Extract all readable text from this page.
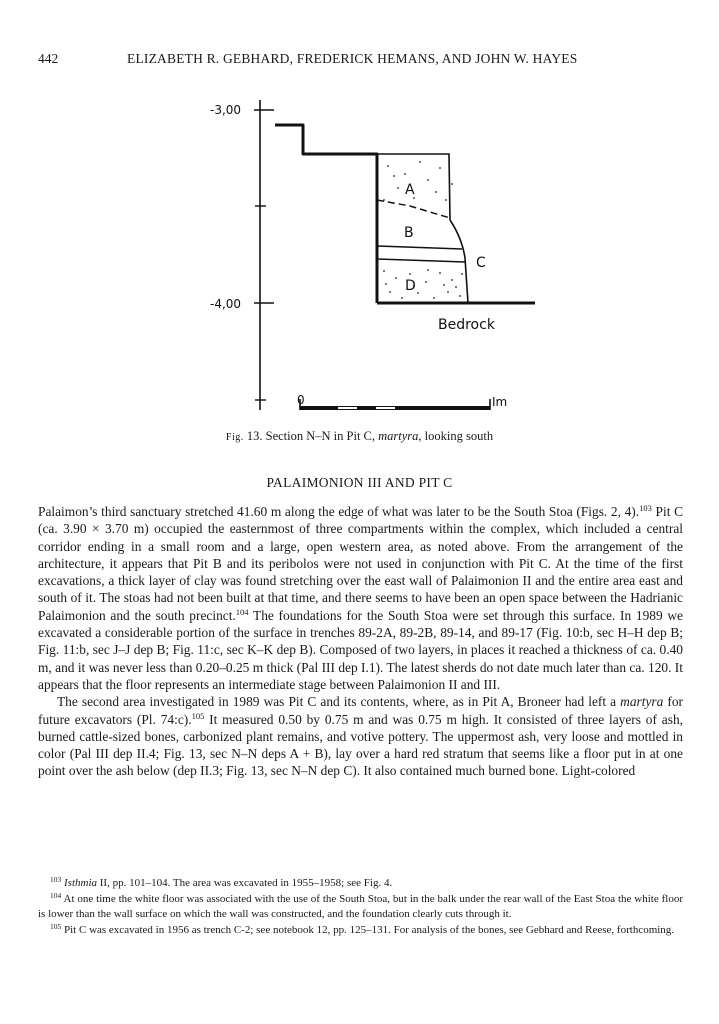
442	ELIZABETH R. GEBHARD, FREDERICK HEMANS, AND JOHN W. HAYES
-3,00
-4,00
A
B
C
D
Bedrock
0	Im
Fig. 13. Section N–N in Pit C, martyra, looking south
PALAIMONION III AND PIT C

Palaimon’s third sanctuary stretched 41.60 m along the edge of what was later to be the South Stoa (Figs. 2, 4).$^{103}$ Pit C (ca. 3.90 × 3.70 m) occupied the easternmost of three compartments within the complex, which included a central corridor ending in a small room and a large, open western area, as noted above. From the arrangement of the architecture, it appears that Pit B and its peribolos were not used in conjunction with Pit C. At the time of the first excavations, a thick layer of clay was found stretching over the east wall of Palaimonion II and the entire area east and south of it. The stoas had not been built at that time, and there seems to have been an open space between the Hadrianic Palaimonion and the south precinct.$^{104}$ The foundations for the South Stoa were set through this surface. In 1989 we excavated a considerable portion of the surface in trenches 89-2A, 89-2B, 89-14, and 89-17 (Fig. 10:b, sec H–H dep B; Fig. 11:b, sec J–J dep B; Fig. 11:c, sec K–K dep B). Composed of two layers, in places it reached a thickness of ca. 0.40 m, and it was never less than 0.20–0.25 m thick (Pal III dep I.1). The latest sherds do not date much later than ca. 120. It appears that the floor represents an intermediate stage between Palaimonion II and III.

The second area investigated in 1989 was Pit C and its contents, where, as in Pit A, Broneer had left a martyra for future excavators (Pl. 74:c).$^{105}$ It measured 0.50 by 0.75 m and was 0.75 m high. It consisted of three layers of ash, burned cattle-sized bones, carbonized plant remains, and votive pottery. The uppermost ash, very loose and mottled in color (Pal III dep II.4; Fig. 13, sec N–N deps A + B), lay over a hard red stratum that seems like a floor put in at one point over the ash below (dep II.3; Fig. 13, sec N–N dep C). It also contained much burned bone. Light-colored

$^{103}$ Isthmia II, pp. 101–104. The area was excavated in 1955–1958; see Fig. 4.

$^{104}$ At one time the white floor was associated with the use of the South Stoa, but in the balk under the rear wall of the East Stoa the white floor is lower than the wall surface on which the wall was constructed, and the foundation clearly cuts through it.

$^{105}$ Pit C was excavated in 1956 as trench C-2; see notebook 12, pp. 125–131. For analysis of the bones, see Gebhard and Reese, forthcoming.
